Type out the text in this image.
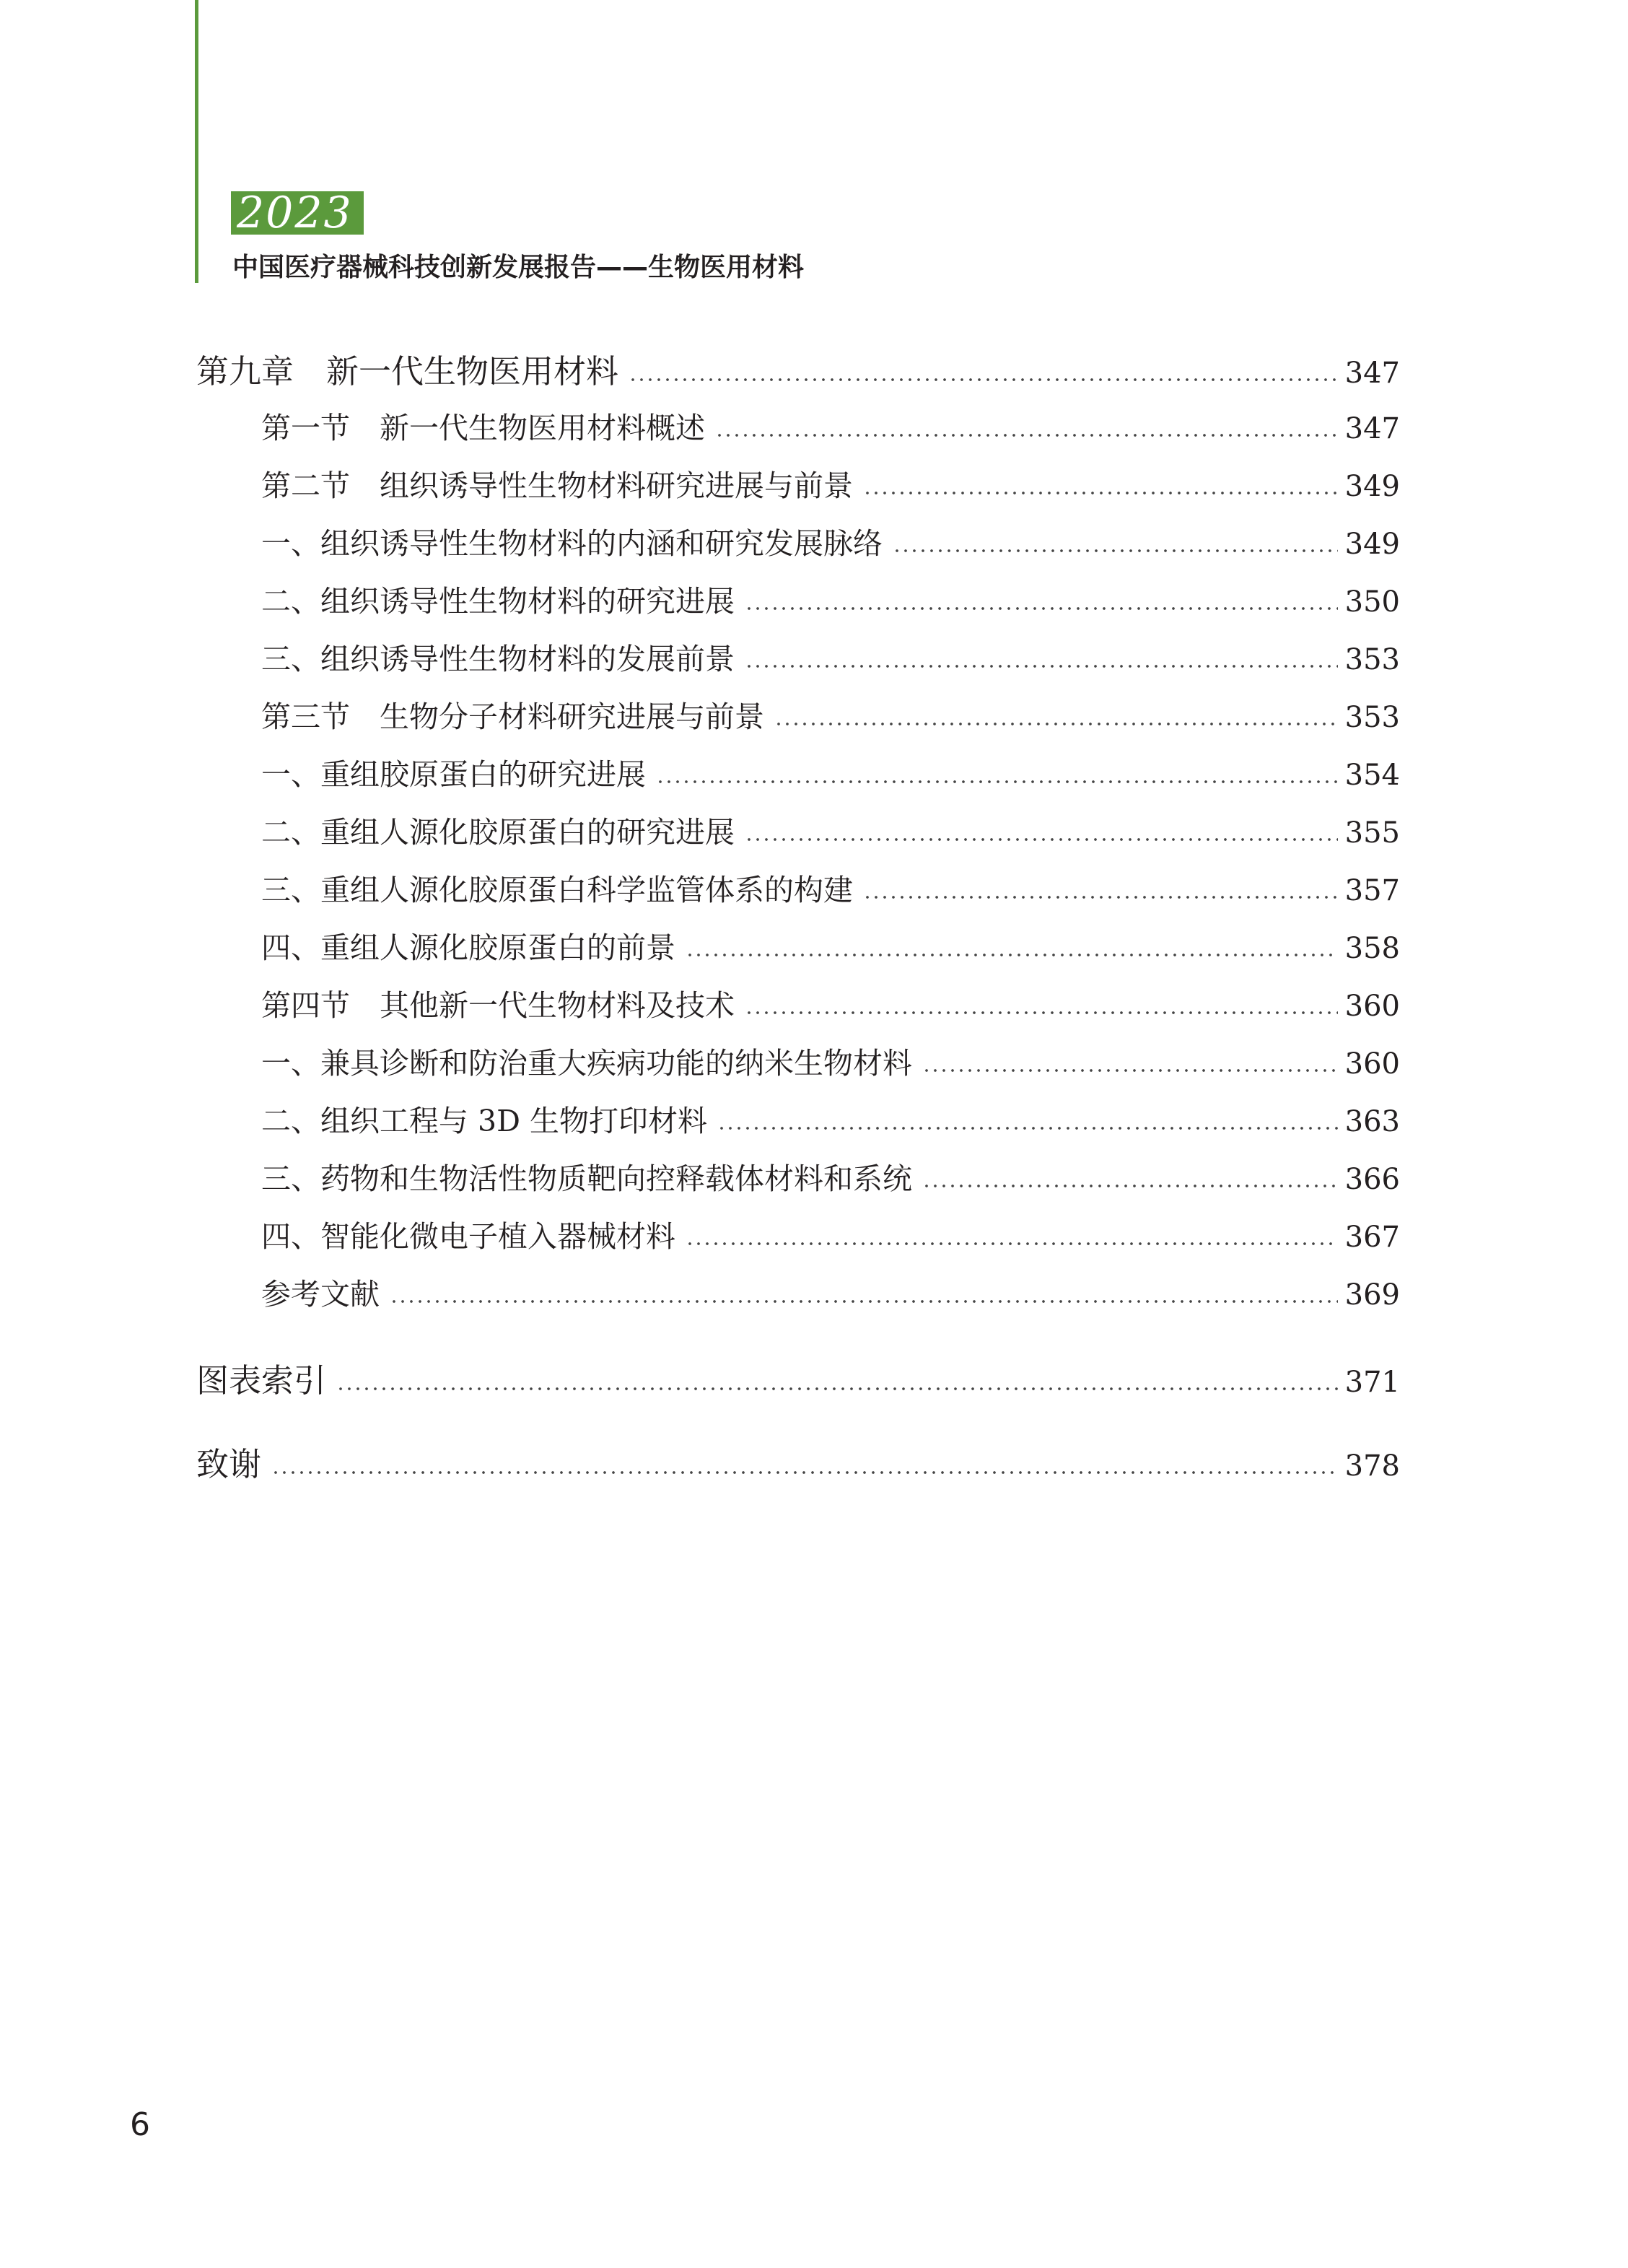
2023
中国医疗器械科技创新发展报告——生物医用材料
第九章　新一代生物医用材料	347
第一节　新一代生物医用材料概述	347
第二节　组织诱导性生物材料研究进展与前景	349
一、组织诱导性生物材料的内涵和研究发展脉络	349
二、组织诱导性生物材料的研究进展	350
三、组织诱导性生物材料的发展前景	353
第三节　生物分子材料研究进展与前景	353
一、重组胶原蛋白的研究进展	354
二、重组人源化胶原蛋白的研究进展	355
三、重组人源化胶原蛋白科学监管体系的构建	357
四、重组人源化胶原蛋白的前景	358
第四节　其他新一代生物材料及技术	360
一、兼具诊断和防治重大疾病功能的纳米生物材料	360
二、组织工程与 3D 生物打印材料	363
三、药物和生物活性物质靶向控释载体材料和系统	366
四、智能化微电子植入器械材料	367
参考文献	369
图表索引	371
致谢	378
6
